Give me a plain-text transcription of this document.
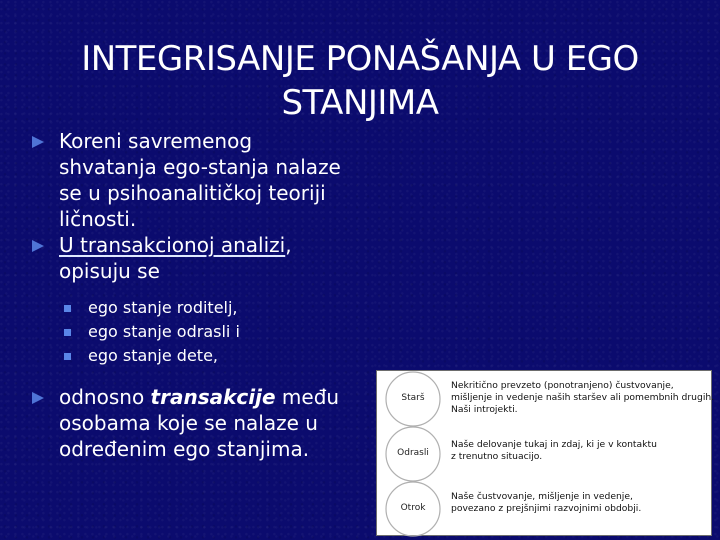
INTEGRISANJE PONAŠANJA U EGO
STANJIMA
Koreni savremenog
shvatanja ego-stanja nalaze
se u psihoanalitičkoj teoriji
ličnosti.
U transakcionoj analizi,
opisuju se
ego stanje roditelj,
ego stanje odrasli i
ego stanje dete,
odnosno transakcije među
osobama koje se nalaze u
određenim ego stanjima.
Starš
Odrasli
Otrok
Nekritično prevzeto (ponotranjeno) čustvovanje,
mišljenje in vedenje naših staršev ali pomembnih drugih.
Naši introjekti.
Naše delovanje tukaj in zdaj, ki je v kontaktu
z trenutno situacijo.
Naše čustvovanje, mišljenje in vedenje,
povezano z prejšnjimi razvojnimi obdobji.
